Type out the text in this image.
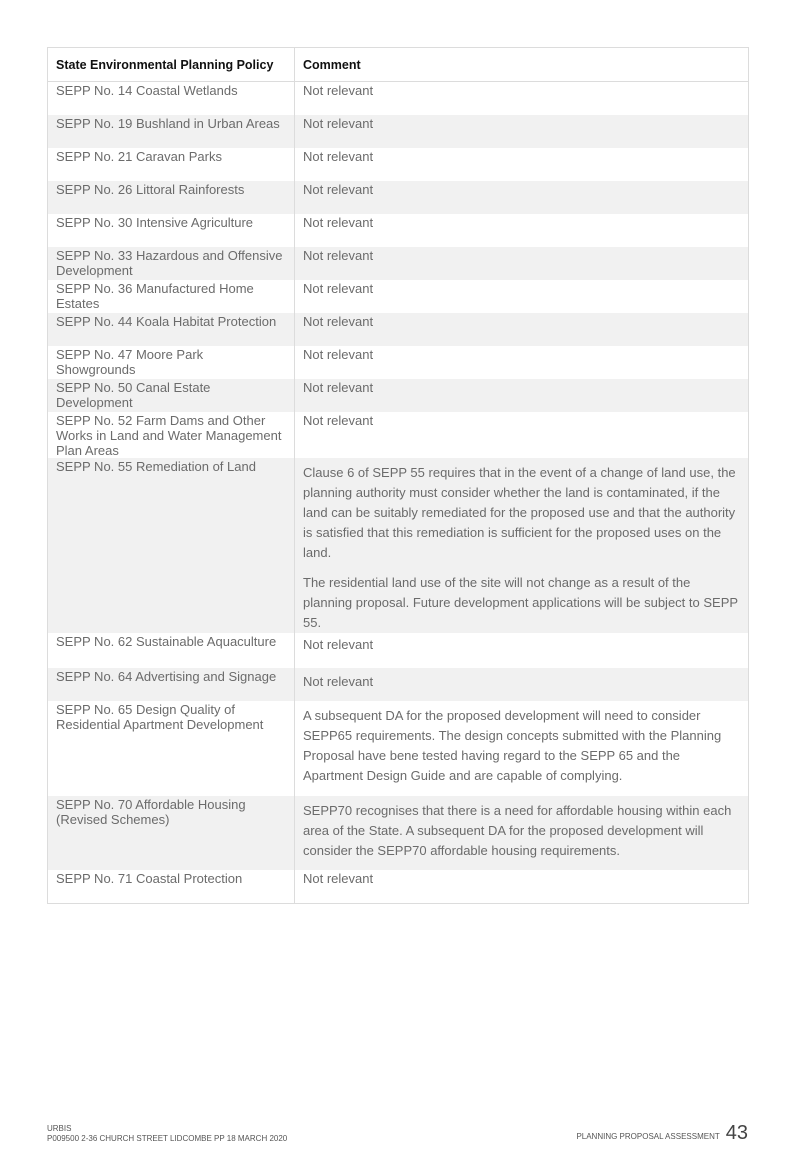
State Environmental Planning Policy	Comment
SEPP No. 14 Coastal Wetlands	Not relevant

SEPP No. 19 Bushland in Urban Areas	Not relevant

SEPP No. 21 Caravan Parks	Not relevant

SEPP No. 26 Littoral Rainforests	Not relevant

SEPP No. 30 Intensive Agriculture	Not relevant

SEPP No. 33 Hazardous and Offensive Development	Not relevant

SEPP No. 36 Manufactured Home Estates	Not relevant

SEPP No. 44 Koala Habitat Protection	Not relevant

SEPP No. 47 Moore Park Showgrounds	Not relevant

SEPP No. 50 Canal Estate Development	Not relevant

SEPP No. 52 Farm Dams and Other Works in Land and Water Management Plan Areas	Not relevant

SEPP No. 55 Remediation of Land	Clause 6 of SEPP 55 requires that in the event of a change of land use, the planning authority must consider whether the land is contaminated, if the land can be suitably remediated for the proposed use and that the authority is satisfied that this remediation is sufficient for the proposed uses on the land.

The residential land use of the site will not change as a result of the planning proposal. Future development applications will be subject to SEPP 55.

SEPP No. 62 Sustainable Aquaculture	Not relevant

SEPP No. 64 Advertising and Signage	Not relevant

SEPP No. 65 Design Quality of Residential Apartment Development	A subsequent DA for the proposed development will need to consider SEPP65 requirements. The design concepts submitted with the Planning Proposal have bene tested having regard to the SEPP 65 and the Apartment Design Guide and are capable of complying.

SEPP No. 70 Affordable Housing (Revised Schemes)	SEPP70 recognises that there is a need for affordable housing within each area of the State. A subsequent DA for the proposed development will consider the SEPP70 affordable housing requirements.

SEPP No. 71 Coastal Protection	Not relevant

URBIS
P009500 2-36 CHURCH STREET LIDCOMBE PP 18 MARCH 2020	PLANNING PROPOSAL ASSESSMENT 43
